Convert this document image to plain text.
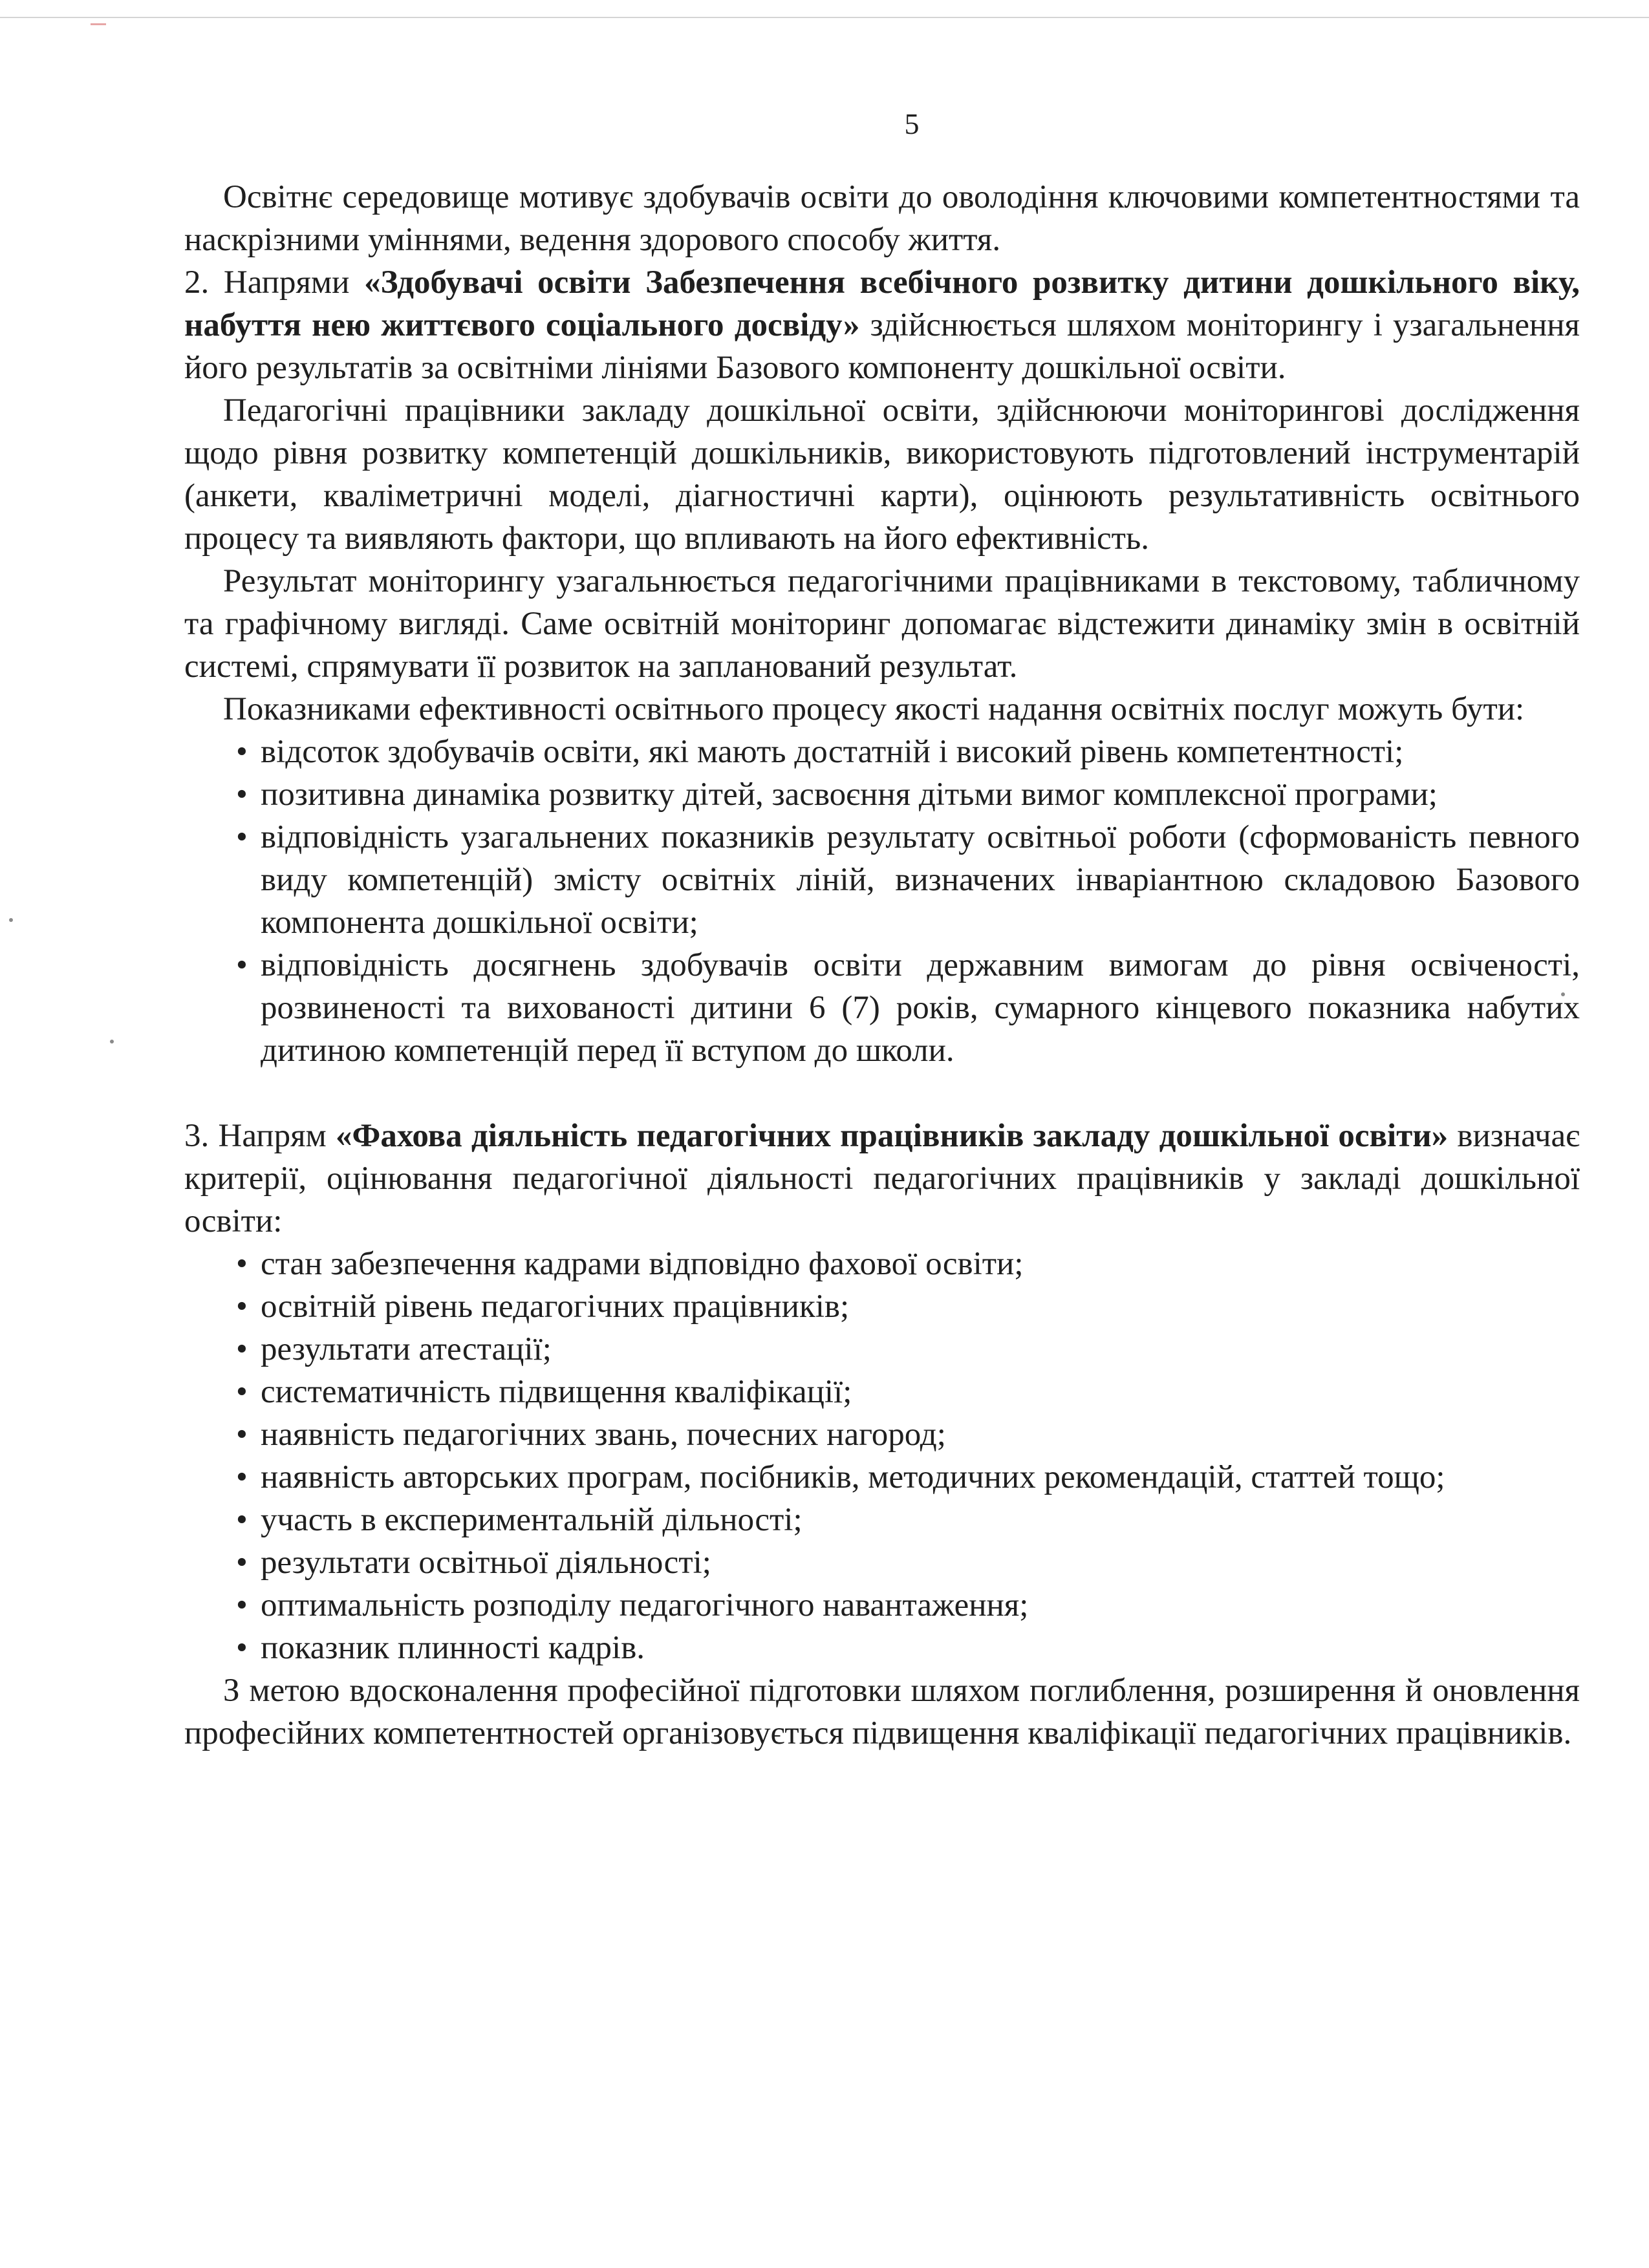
5

Освітнє середовище мотивує здобувачів освіти до оволодіння ключовими компетентностями та наскрізними уміннями, ведення здорового способу життя.

2. Напрями «Здобувачі освіти Забезпечення всебічного розвитку дитини дошкільного віку, набуття нею життєвого соціального досвіду» здійснюється шляхом моніторингу і узагальнення його результатів за освітніми лініями Базового компоненту дошкільної освіти.

Педагогічні працівники закладу дошкільної освіти, здійснюючи моніторингові дослідження щодо рівня розвитку компетенцій дошкільників, використовують підготовлений інструментарій (анкети, кваліметричні моделі, діагностичні карти), оцінюють результативність освітнього процесу та виявляють фактори, що впливають на його ефективність.

Результат моніторингу узагальнюється педагогічними працівниками в текстовому, табличному та графічному вигляді. Саме освітній моніторинг допомагає відстежити динаміку змін в освітній системі, спрямувати її розвиток на запланований результат.

Показниками ефективності освітнього процесу якості надання освітніх послуг можуть бути:

• відсоток здобувачів освіти, які мають достатній і високий рівень компетентності;
• позитивна динаміка розвитку дітей, засвоєння дітьми вимог комплексної програми;
• відповідність узагальнених показників результату освітньої роботи (сформованість певного виду компетенцій) змісту освітніх ліній, визначених інваріантною складовою Базового компонента дошкільної освіти;
• відповідність досягнень здобувачів освіти державним вимогам до рівня освіченості, розвиненості та вихованості дитини 6 (7) років, сумарного кінцевого показника набутих дитиною компетенцій перед її вступом до школи.

3. Напрям «Фахова діяльність педагогічних працівників закладу дошкільної освіти» визначає критерії, оцінювання педагогічної діяльності педагогічних працівників у закладі дошкільної освіти:

• стан забезпечення кадрами відповідно фахової освіти;
• освітній рівень педагогічних працівників;
• результати атестації;
• систематичність підвищення кваліфікації;
• наявність педагогічних звань, почесних нагород;
• наявність авторських програм, посібників, методичних рекомендацій, статтей тощо;
• участь в експериментальній дільності;
• результати освітньої діяльності;
• оптимальність розподілу педагогічного навантаження;
• показник плинності кадрів.

З метою вдосконалення професійної підготовки шляхом поглиблення, розширення й оновлення професійних компетентностей організовується підвищення кваліфікації педагогічних працівників.
